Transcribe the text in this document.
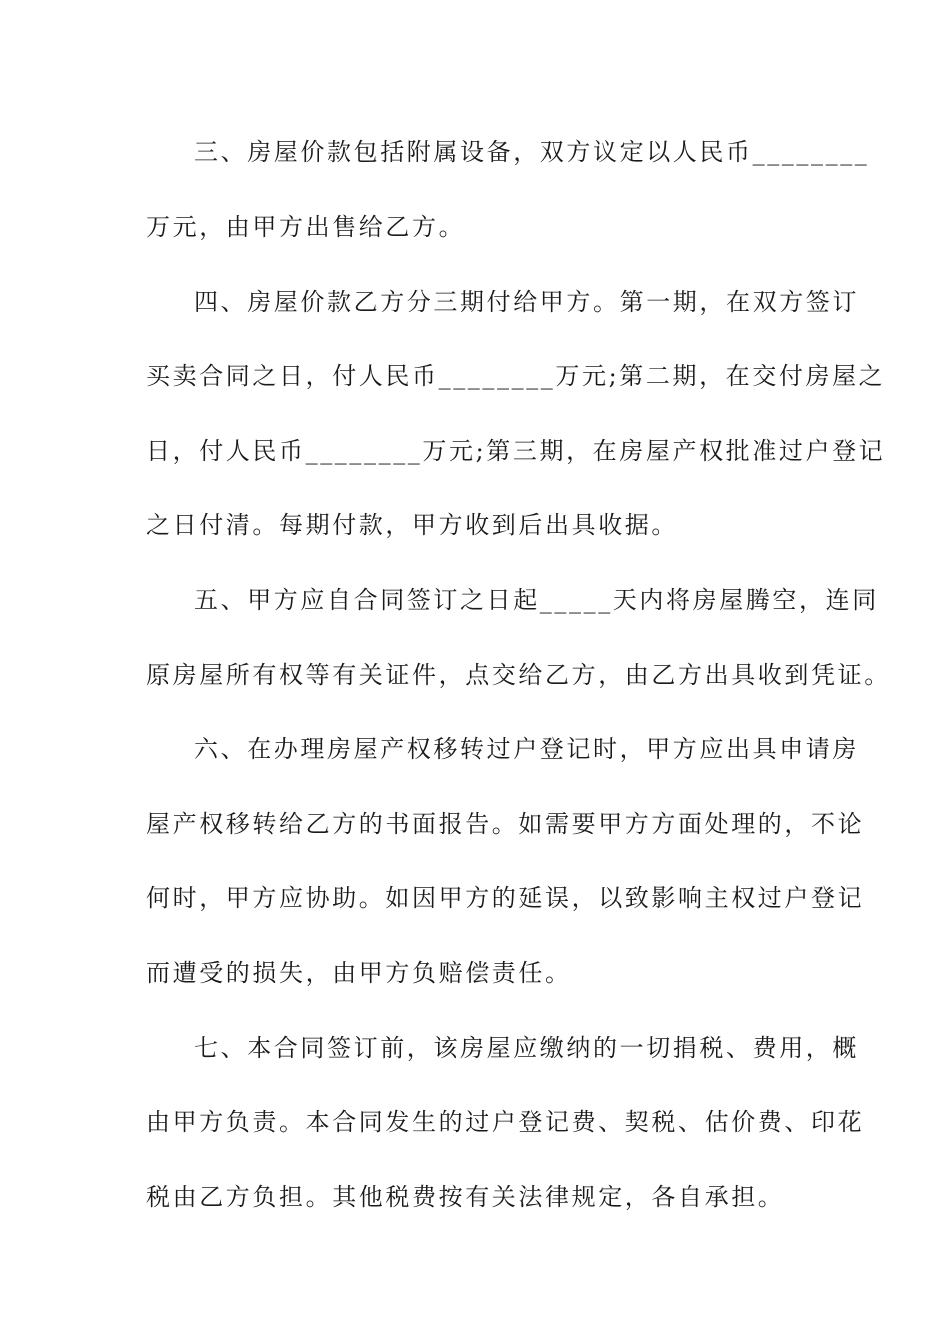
三、房屋价款包括附属设备，双方议定以人民币________
万元，由甲方出售给乙方。
四、房屋价款乙方分三期付给甲方。第一期，在双方签订
买卖合同之日，付人民币________万元;第二期，在交付房屋之
日，付人民币________万元;第三期，在房屋产权批准过户登记
之日付清。每期付款，甲方收到后出具收据。
五、甲方应自合同签订之日起_____天内将房屋腾空，连同
原房屋所有权等有关证件，点交给乙方，由乙方出具收到凭证。
六、在办理房屋产权移转过户登记时，甲方应出具申请房
屋产权移转给乙方的书面报告。如需要甲方方面处理的，不论
何时，甲方应协助。如因甲方的延误，以致影响主权过户登记
而遭受的损失，由甲方负赔偿责任。
七、本合同签订前，该房屋应缴纳的一切捐税、费用，概
由甲方负责。本合同发生的过户登记费、契税、估价费、印花
税由乙方负担。其他税费按有关法律规定，各自承担。
